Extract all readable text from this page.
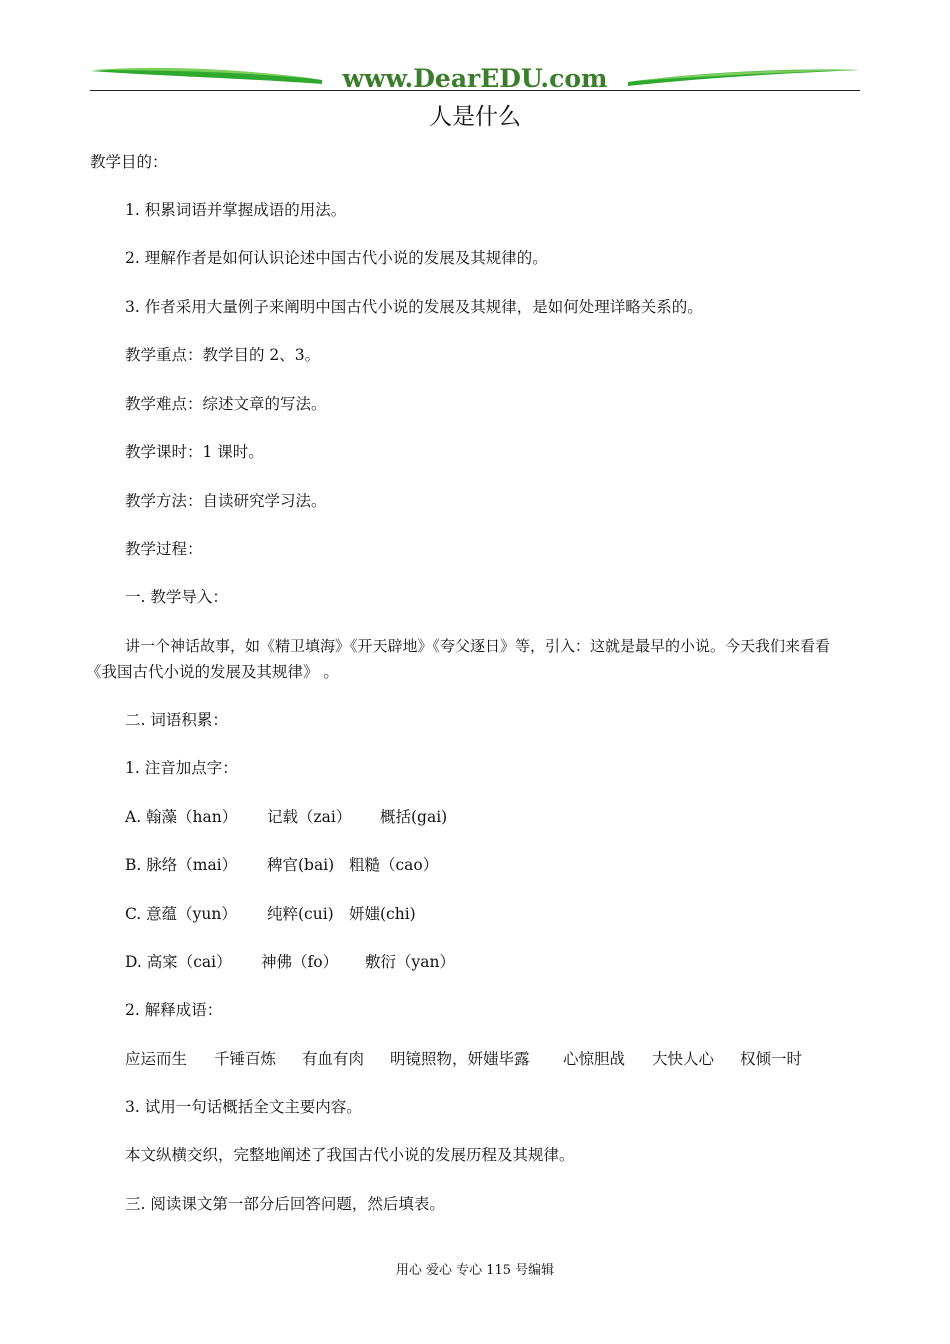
www.DearEDU.com
人是什么
教学目的：
1. 积累词语并掌握成语的用法。
2. 理解作者是如何认识论述中国古代小说的发展及其规律的。
3. 作者采用大量例子来阐明中国古代小说的发展及其规律，是如何处理详略关系的。
教学重点：教学目的 2、3。
教学难点：综述文章的写法。
教学课时：1 课时。
教学方法：自读研究学习法。
教学过程：
一. 教学导入：
讲一个神话故事，如《精卫填海》《开天辟地》《夸父逐日》等，引入：这就是最早的小说。今天我们来看看
《我国古代小说的发展及其规律》 。
二. 词语积累：
1. 注音加点字：
A. 翰藻（han） 记载（zai） 概括(gai)
B. 脉络（mai） 稗官(bai) 粗糙（cao）
C. 意蕴（yun） 纯粹(cui) 妍媸(chi)
D. 高寀（cai） 神佛（fo） 敷衍（yan）
2. 解释成语：
应运而生 千锤百炼 有血有肉 明镜照物，妍媸毕露 心惊胆战 大快人心 权倾一时
3. 试用一句话概括全文主要内容。
本文纵横交织，完整地阐述了我国古代小说的发展历程及其规律。
三. 阅读课文第一部分后回答问题，然后填表。
用心 爱心 专心 115 号编辑
